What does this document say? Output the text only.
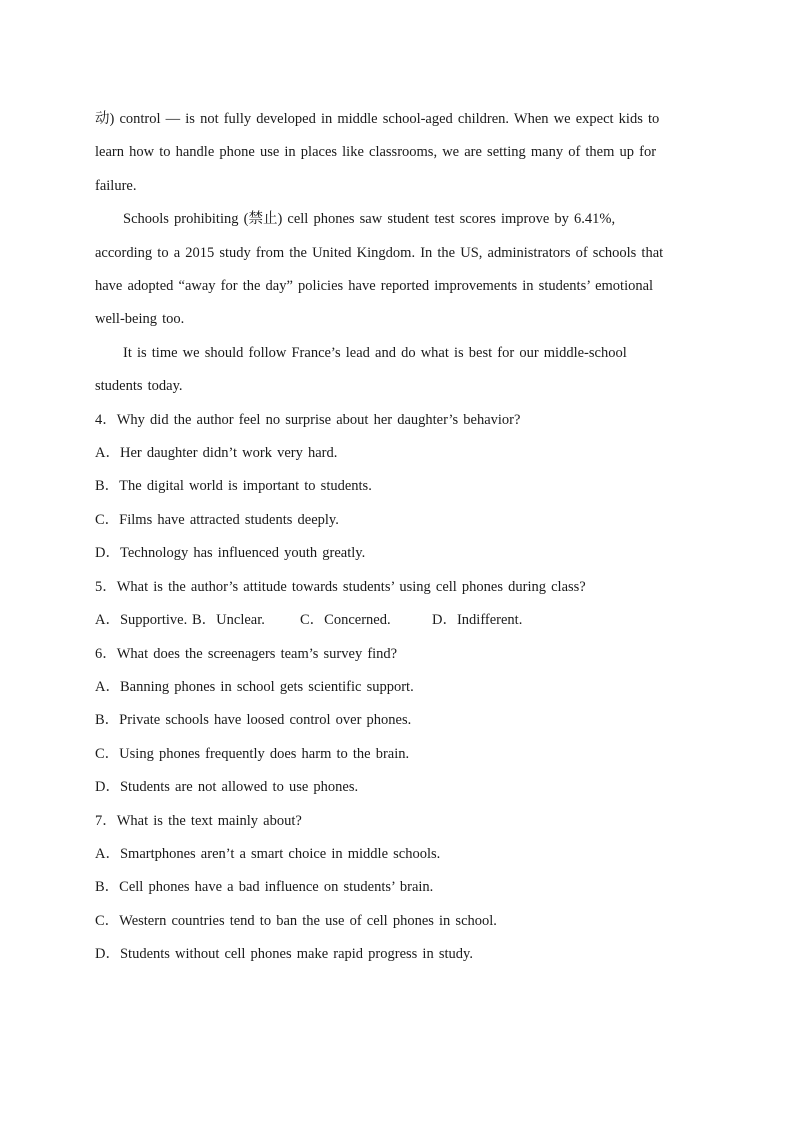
动) control — is not fully developed in middle school-aged children. When we expect kids to
learn how to handle phone use in places like classrooms, we are setting many of them up for
failure.
Schools prohibiting (禁止) cell phones saw student test scores improve by 6.41%,
according to a 2015 study from the United Kingdom. In the US, administrators of schools that
have adopted “away for the day” policies have reported improvements in students’ emotional
well-being too.
It is time we should follow France’s lead and do what is best for our middle-school
students today.
4．Why did the author feel no surprise about her daughter’s behavior?
A．Her daughter didn’t work very hard.
B．The digital world is important to students.
C．Films have attracted students deeply.
D．Technology has influenced youth greatly.
5．What is the author’s attitude towards students’ using cell phones during class?
A．Supportive. B．Unclear. C．Concerned.	D．Indifferent.
6．What does the screenagers team’s survey find?
A．Banning phones in school gets scientific support.
B．Private schools have loosed control over phones.
C．Using phones frequently does harm to the brain.
D．Students are not allowed to use phones.
7．What is the text mainly about?
A．Smartphones aren’t a smart choice in middle schools.
B．Cell phones have a bad influence on students’ brain.
C．Western countries tend to ban the use of cell phones in school.
D．Students without cell phones make rapid progress in study.
